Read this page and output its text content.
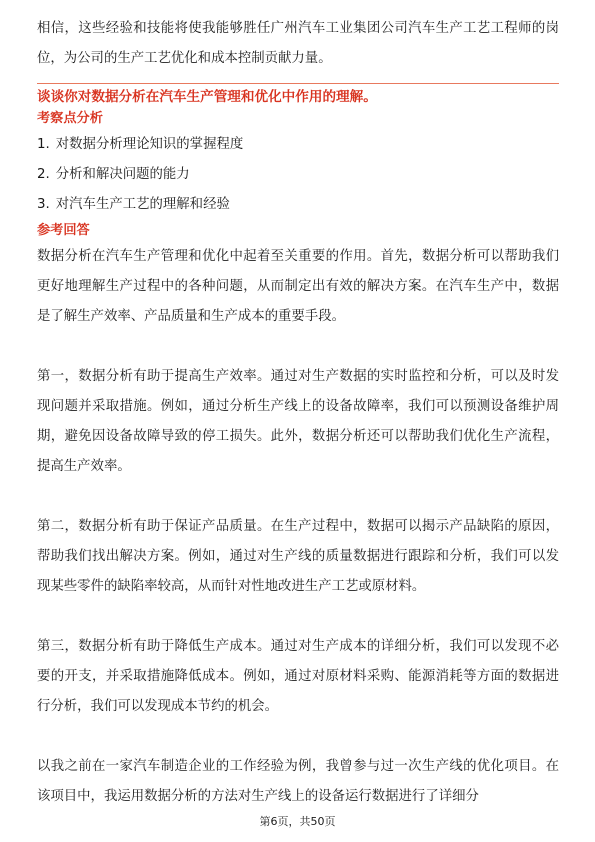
相信，这些经验和技能将使我能够胜任广州汽车工业集团公司汽车生产工艺工程师的岗位，为公司的生产工艺优化和成本控制贡献力量。

谈谈你对数据分析在汽车生产管理和优化中作用的理解。

考察点分析

1. 对数据分析理论知识的掌握程度

2. 分析和解决问题的能力

3. 对汽车生产工艺的理解和经验

参考回答

数据分析在汽车生产管理和优化中起着至关重要的作用。首先，数据分析可以帮助我们更好地理解生产过程中的各种问题，从而制定出有效的解决方案。在汽车生产中，数据是了解生产效率、产品质量和生产成本的重要手段。

第一，数据分析有助于提高生产效率。通过对生产数据的实时监控和分析，可以及时发现问题并采取措施。例如，通过分析生产线上的设备故障率，我们可以预测设备维护周期，避免因设备故障导致的停工损失。此外，数据分析还可以帮助我们优化生产流程，提高生产效率。

第二，数据分析有助于保证产品质量。在生产过程中，数据可以揭示产品缺陷的原因，帮助我们找出解决方案。例如，通过对生产线的质量数据进行跟踪和分析，我们可以发现某些零件的缺陷率较高，从而针对性地改进生产工艺或原材料。

第三，数据分析有助于降低生产成本。通过对生产成本的详细分析，我们可以发现不必要的开支，并采取措施降低成本。例如，通过对原材料采购、能源消耗等方面的数据进行分析，我们可以发现成本节约的机会。

以我之前在一家汽车制造企业的工作经验为例，我曾参与过一次生产线的优化项目。在该项目中，我运用数据分析的方法对生产线上的设备运行数据进行了详细分

第6页，共50页
